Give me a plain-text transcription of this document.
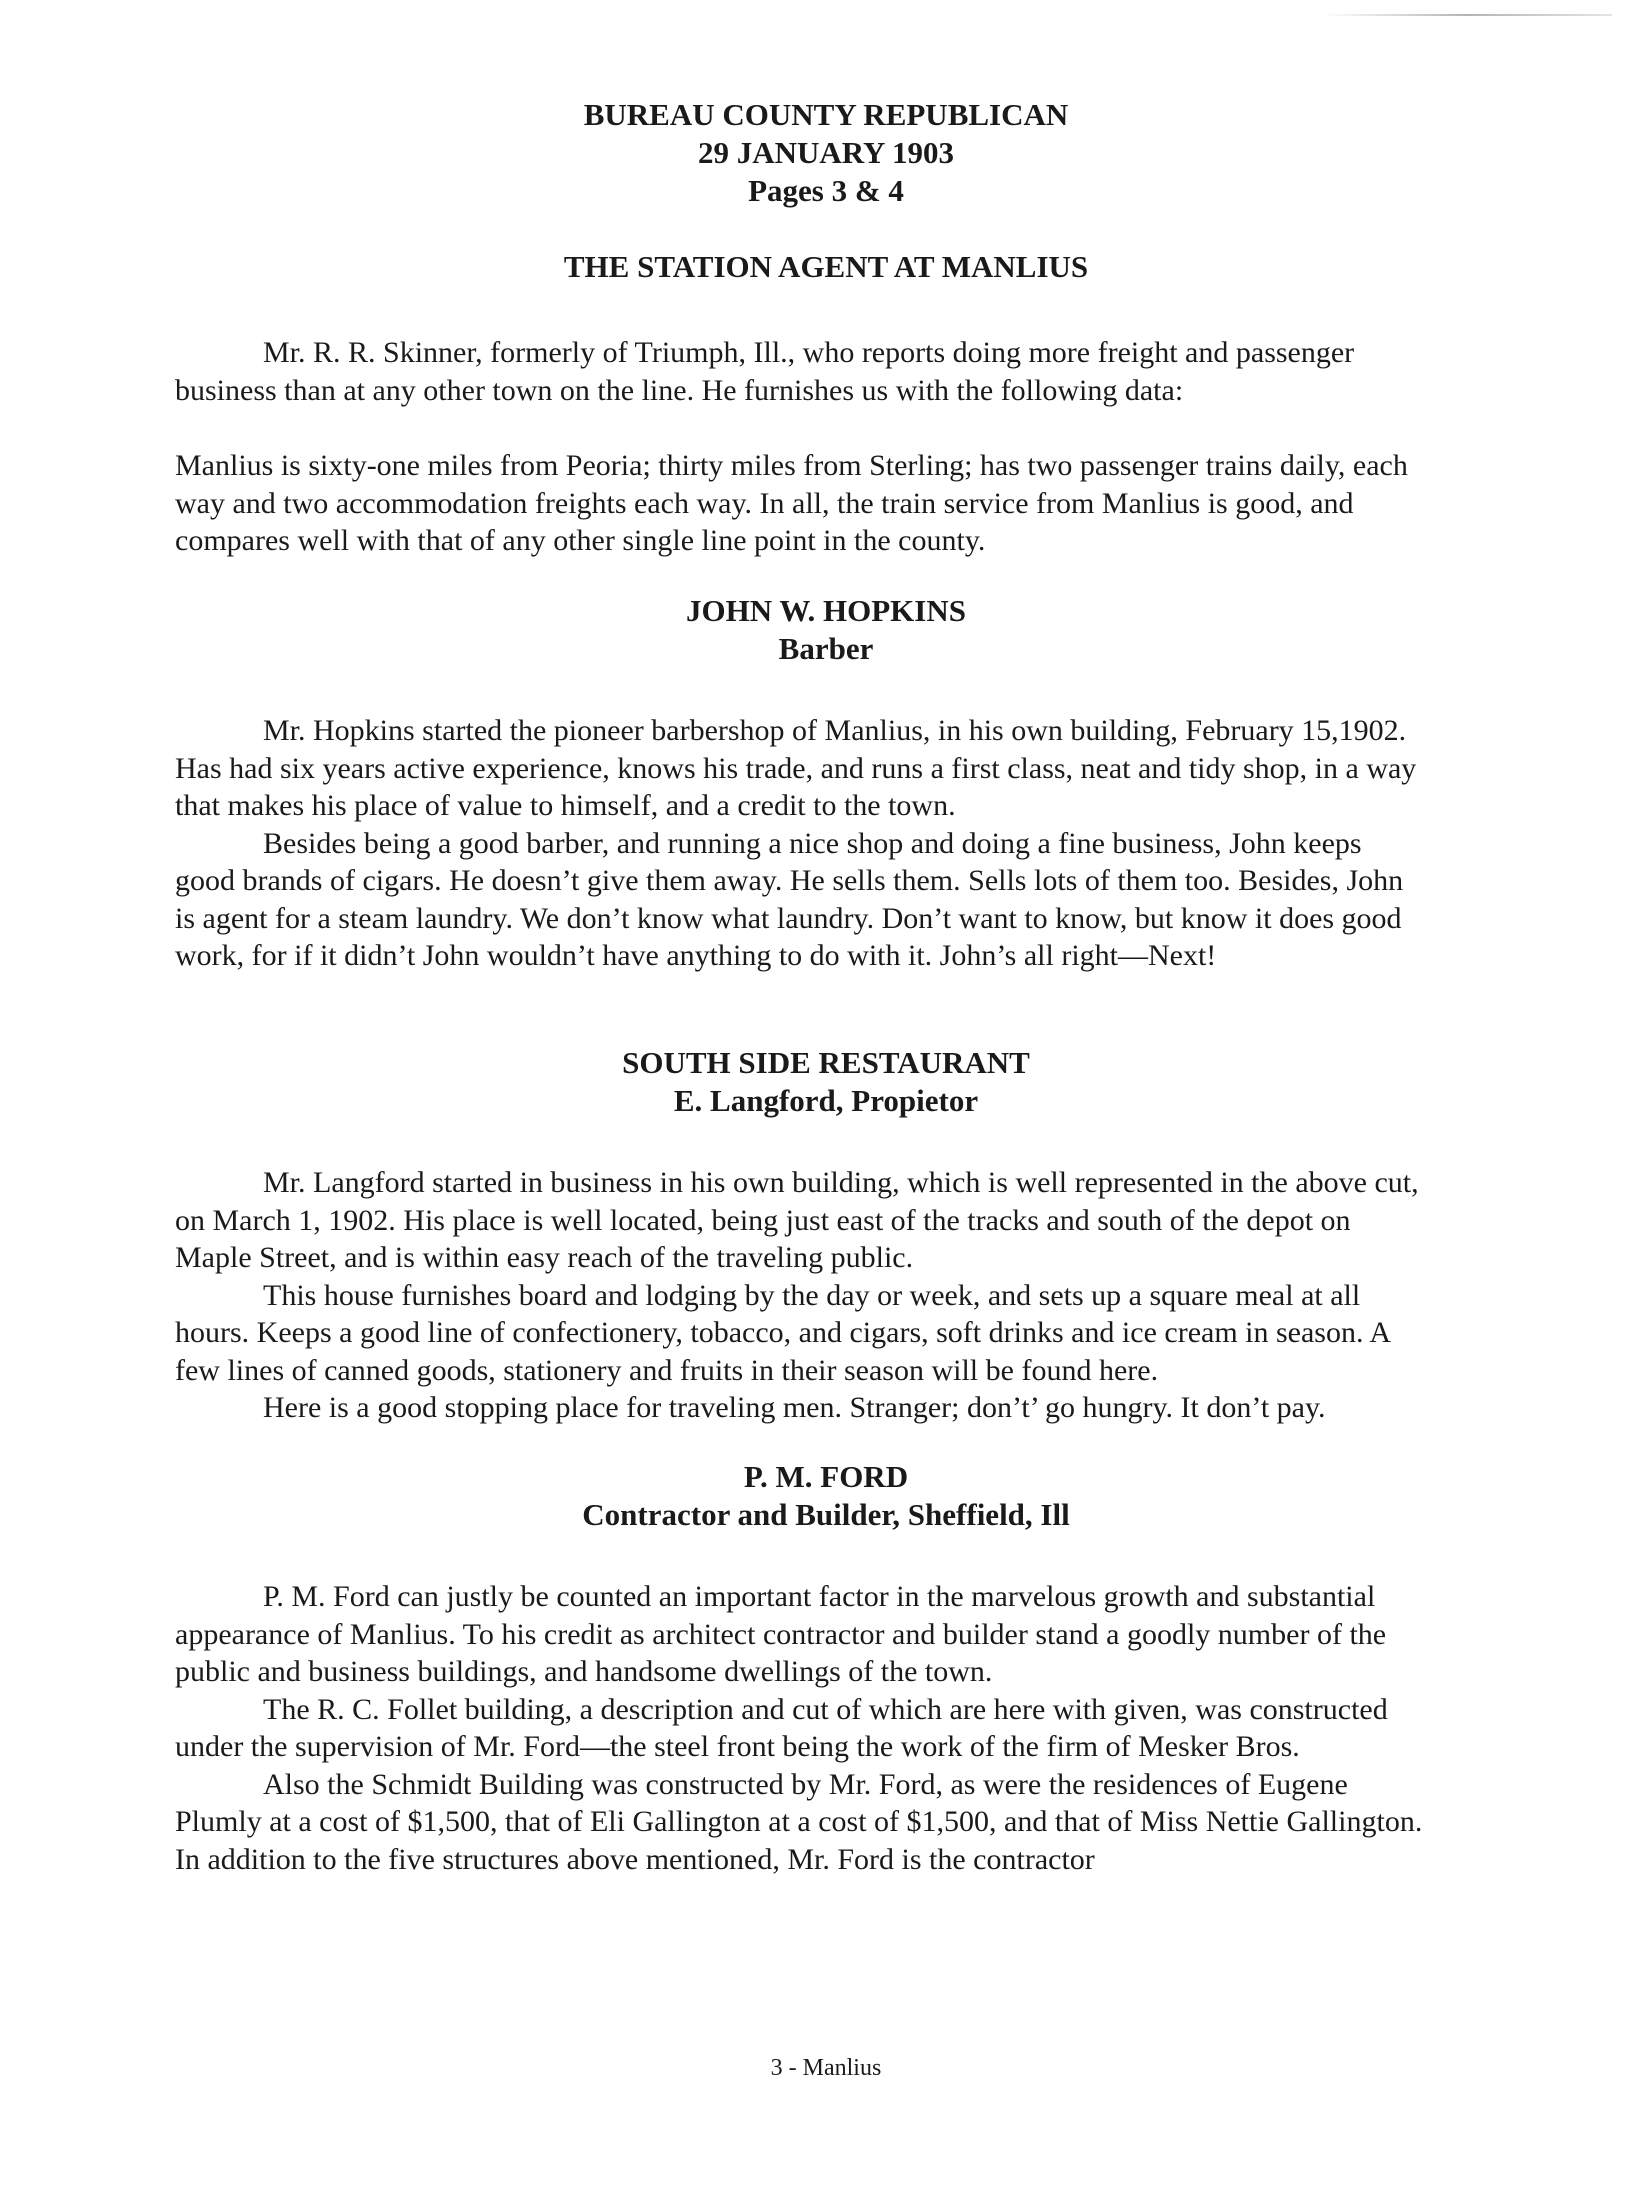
BUREAU COUNTY REPUBLICAN
29 JANUARY 1903
Pages 3 & 4
THE STATION AGENT AT MANLIUS

Mr. R. R. Skinner, formerly of Triumph, Ill., who reports doing more freight and passenger business than at any other town on the line. He furnishes us with the following data:

Manlius is sixty-one miles from Peoria; thirty miles from Sterling; has two passenger trains daily, each way and two accommodation freights each way. In all, the train service from Manlius is good, and compares well with that of any other single line point in the county.

JOHN W. HOPKINS
Barber

Mr. Hopkins started the pioneer barbershop of Manlius, in his own building, February 15,1902. Has had six years active experience, knows his trade, and runs a first class, neat and tidy shop, in a way that makes his place of value to himself, and a credit to the town.

Besides being a good barber, and running a nice shop and doing a fine business, John keeps good brands of cigars. He doesn’t give them away. He sells them. Sells lots of them too. Besides, John is agent for a steam laundry. We don’t know what laundry. Don’t want to know, but know it does good work, for if it didn’t John wouldn’t have anything to do with it. John’s all right—Next!

SOUTH SIDE RESTAURANT
E. Langford, Propietor

Mr. Langford started in business in his own building, which is well represented in the above cut, on March 1, 1902. His place is well located, being just east of the tracks and south of the depot on Maple Street, and is within easy reach of the traveling public.

This house furnishes board and lodging by the day or week, and sets up a square meal at all hours. Keeps a good line of confectionery, tobacco, and cigars, soft drinks and ice cream in season. A few lines of canned goods, stationery and fruits in their season will be found here.

Here is a good stopping place for traveling men. Stranger; don’t’ go hungry. It don’t pay.

P. M. FORD
Contractor and Builder, Sheffield, Ill

P. M. Ford can justly be counted an important factor in the marvelous growth and substantial appearance of Manlius. To his credit as architect contractor and builder stand a goodly number of the public and business buildings, and handsome dwellings of the town.

The R. C. Follet building, a description and cut of which are here with given, was constructed under the supervision of Mr. Ford—the steel front being the work of the firm of Mesker Bros.

Also the Schmidt Building was constructed by Mr. Ford, as were the residences of Eugene Plumly at a cost of $1,500, that of Eli Gallington at a cost of $1,500, and that of Miss Nettie Gallington. In addition to the five structures above mentioned, Mr. Ford is the contractor

3 - Manlius
